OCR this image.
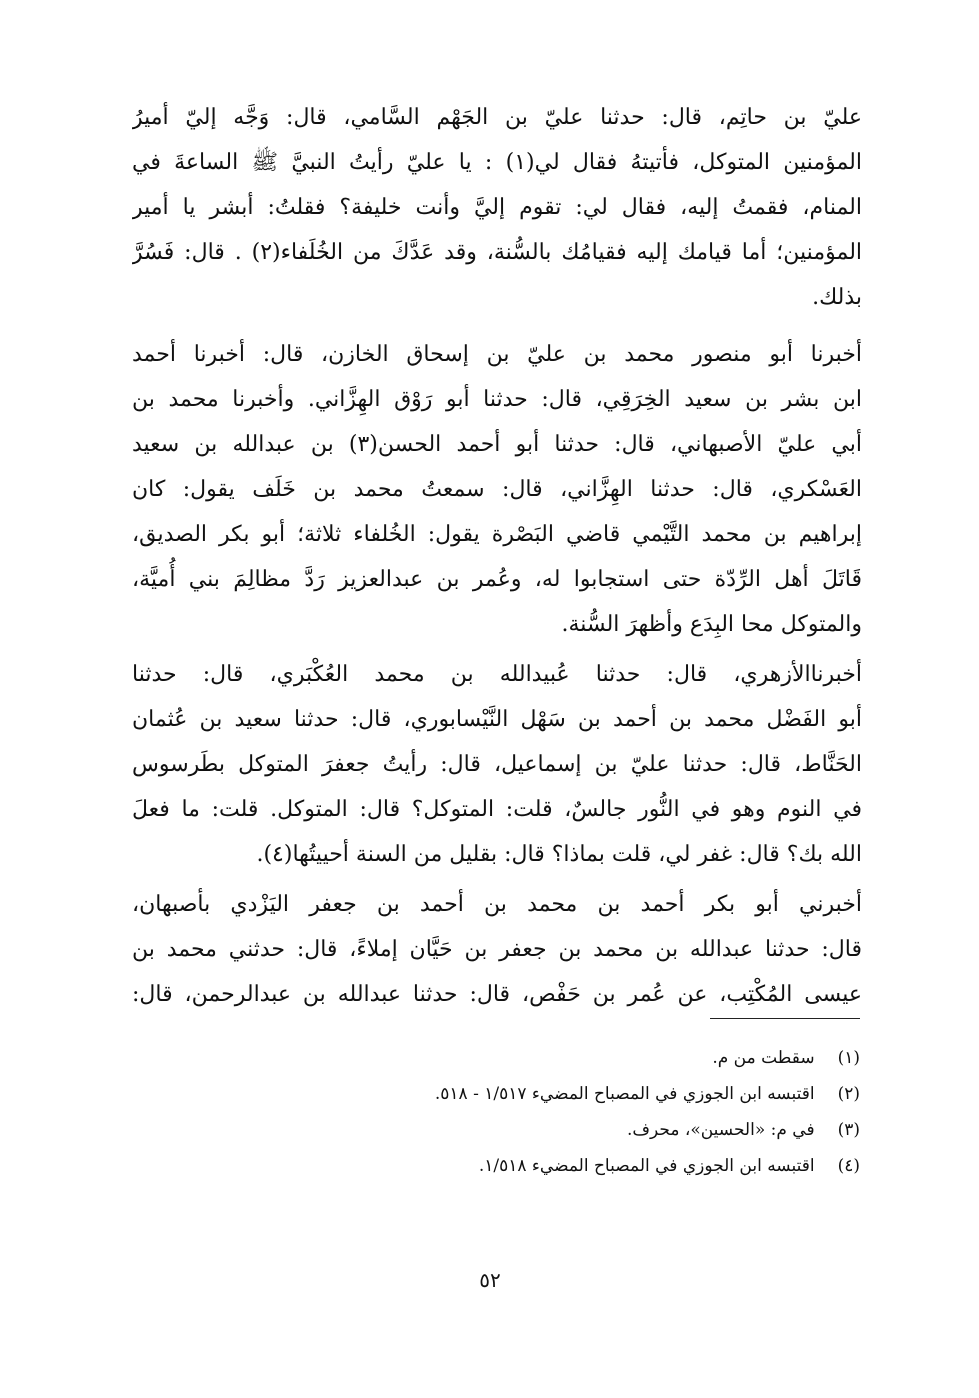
عليّ بن حاتِم، قال: حدثنا عليّ بن الجَهْم السَّامي، قال: وَجَّه إليّ أميرُ
المؤمنين المتوكل، فأتيتهُ فقال لي(١) : يا عليّ رأيتُ النبيَّ ﷺ الساعةَ في
المنام، فقمتُ إليه، فقال لي: تقوم إليَّ وأنت خليفة؟ فقلتُ: أبشر يا أمير
المؤمنين؛ أما قيامك إليه فقيامُك بالسُّنة، وقد عَدَّكَ من الخُلَفاء(٢) . قال: فَسُرَّ
بذلك.
أخبرنا أبو منصور محمد بن عليّ بن إسحاق الخازن، قال: أخبرنا أحمد
ابن بشر بن سعيد الخِرَقِي، قال: حدثنا أبو رَوْق الهِزَّاني. وأخبرنا محمد بن
أبي عليّ الأصبهاني، قال: حدثنا أبو أحمد الحسن(٣) بن عبدالله بن سعيد
العَسْكري، قال: حدثنا الهِزَّاني، قال: سمعتُ محمد بن خَلَف يقول: كان
إبراهيم بن محمد التَّيْمي قاضي البَصْرة يقول: الخُلفاء ثلاثة؛ أبو بكر الصديق،
قَاتَلَ أهل الرِّدّة حتى استجابوا له، وعُمر بن عبدالعزيز رَدَّ مظالِمَ بني أُميَّة،
والمتوكل محا البِدَع وأظهرَ السُّنة.
أخبرناالأزهري، قال: حدثنا عُبيدالله بن محمد العُكْبَري، قال: حدثنا
أبو الفَضْل محمد بن أحمد بن سَهْل النَّيْسابوري، قال: حدثنا سعيد بن عُثمان
الحَنَّاط، قال: حدثنا عليّ بن إسماعيل، قال: رأيتُ جعفرَ المتوكل بطَرسوس
في النوم وهو في النُّور جالسٌ، قلت: المتوكل؟ قال: المتوكل. قلت: ما فعلَ
الله بك؟ قال: غفر لي، قلت بماذا؟ قال: بقليل من السنة أحييتُها(٤).
أخبرني أبو بكر أحمد بن محمد بن أحمد بن جعفر اليَزْدي بأصبهان،
قال: حدثنا عبدالله بن محمد بن جعفر بن حَيَّان إملاءً، قال: حدثني محمد بن
عيسى المُكْتِب، عن عُمر بن حَفْص، قال: حدثنا عبدالله بن عبدالرحمن، قال:
(١) سقطت من م.
(٢) اقتبسه ابن الجوزي في المصباح المضيء ١/٥١٧ - ٥١٨.
(٣) في م: «الحسين»، محرف.
(٤) اقتبسه ابن الجوزي في المصباح المضيء ١/٥١٨.
٥٢
